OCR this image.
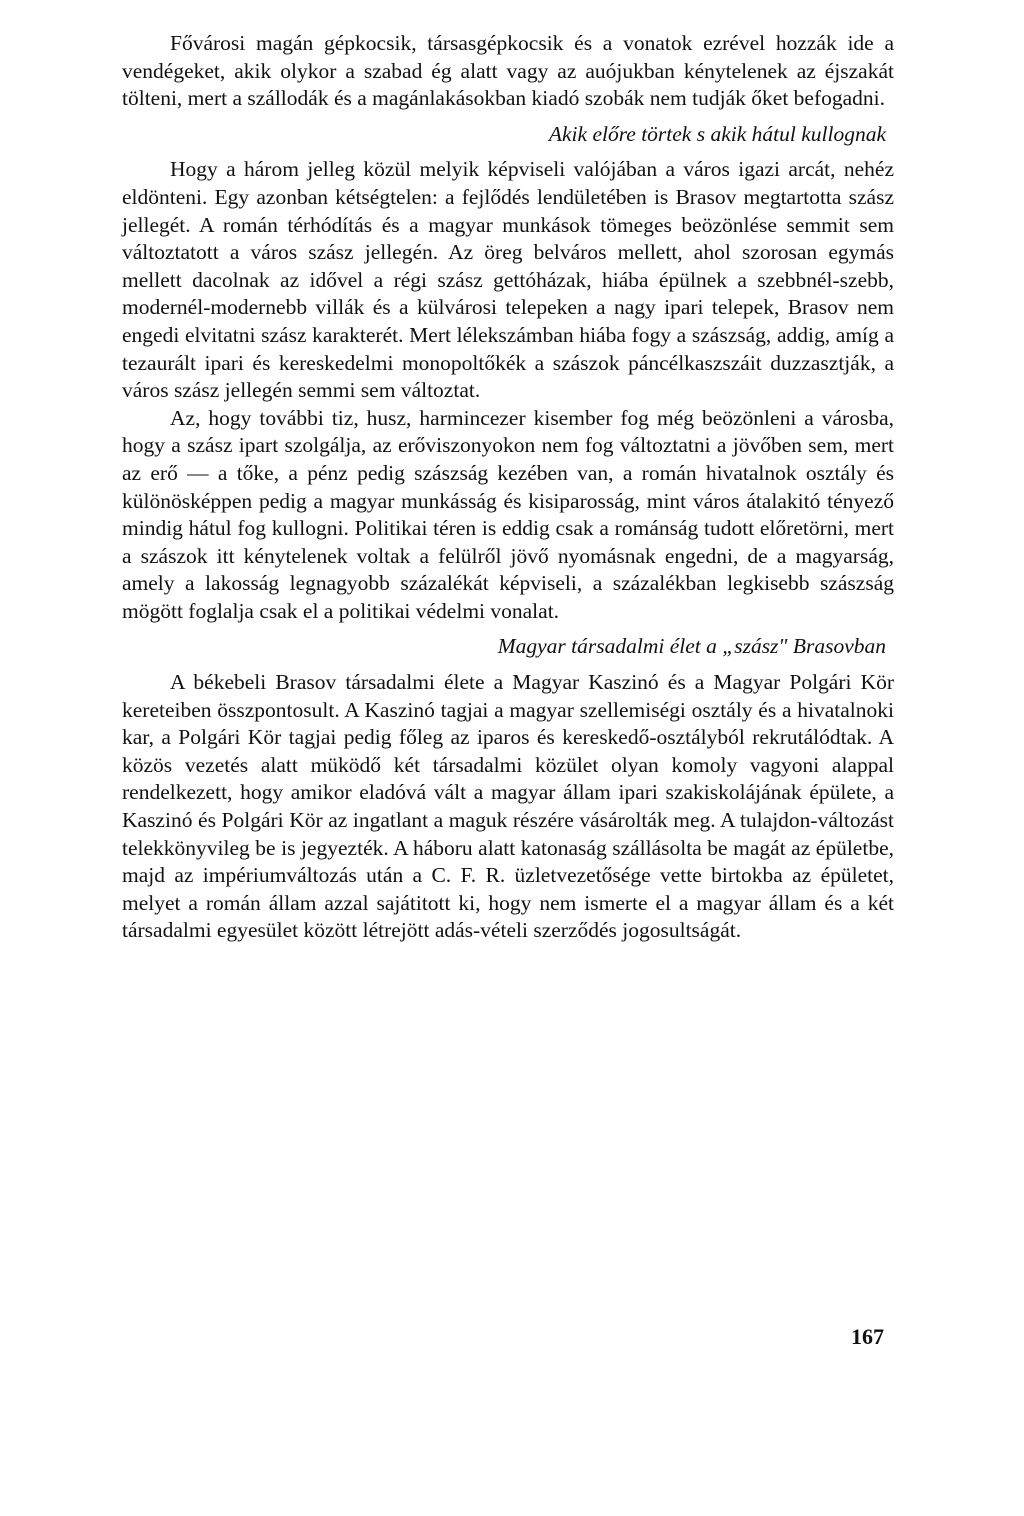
Fővárosi magán gépkocsik, társasgépkocsik és a vonatok ezrével hozzák ide a vendégeket, akik olykor a szabad ég alatt vagy az auójukban kénytelenek az éjszakát tölteni, mert a szállodák és a magánlakásokban kiadó szobák nem tudják őket befogadni.

Akik előre törtek s akik hátul kullognak

Hogy a három jelleg közül melyik képviseli valójában a város igazi arcát, nehéz eldönteni. Egy azonban kétségtelen: a fejlődés lendületében is Brasov megtartotta szász jellegét. A román térhódítás és a magyar munkások tömeges beözönlése semmit sem változtatott a város szász jellegén. Az öreg belváros mellett, ahol szorosan egymás mellett dacolnak az idővel a régi szász gettóházak, hiába épülnek a szebbnél-szebb, modernél-modernebb villák és a külvárosi telepeken a nagy ipari telepek, Brasov nem engedi elvitatni szász karakterét. Mert lélekszámban hiába fogy a szászság, addig, amíg a tezaurált ipari és kereskedelmi monopoltőkék a szászok páncélkaszszáit duzzasztják, a város szász jellegén semmi sem változtat.

Az, hogy további tiz, husz, harmincezer kisember fog még beözönleni a városba, hogy a szász ipart szolgálja, az erőviszonyokon nem fog változtatni a jövőben sem, mert az erő — a tőke, a pénz pedig szászság kezében van, a román hivatalnok osztály és különösképpen pedig a magyar munkásság és kisiparosság, mint város átalakitó tényező mindig hátul fog kullogni. Politikai téren is eddig csak a románság tudott előretörni, mert a szászok itt kénytelenek voltak a felülről jövő nyomásnak engedni, de a magyarság, amely a lakosság legnagyobb százalékát képviseli, a százalékban legkisebb szászság mögött foglalja csak el a politikai védelmi vonalat.

Magyar társadalmi élet a „szász" Brasovban

A békebeli Brasov társadalmi élete a Magyar Kaszinó és a Magyar Polgári Kör kereteiben összpontosult. A Kaszinó tagjai a magyar szellemiségi osztály és a hivatalnoki kar, a Polgári Kör tagjai pedig főleg az iparos és kereskedő-osztályból rekrutálódtak. A közös vezetés alatt müködő két társadalmi közület olyan komoly vagyoni alappal rendelkezett, hogy amikor eladóvá vált a magyar állam ipari szakiskolájának épülete, a Kaszinó és Polgári Kör az ingatlant a maguk részére vásárolták meg. A tulajdon-változást telekkönyvileg be is jegyezték. A háboru alatt katonaság szállásolta be magát az épületbe, majd az impériumváltozás után a C. F. R. üzletvezetősége vette birtokba az épületet, melyet a román állam azzal sajátitott ki, hogy nem ismerte el a magyar állam és a két társadalmi egyesület között létrejött adás-vételi szerződés jogosultságát.

167
